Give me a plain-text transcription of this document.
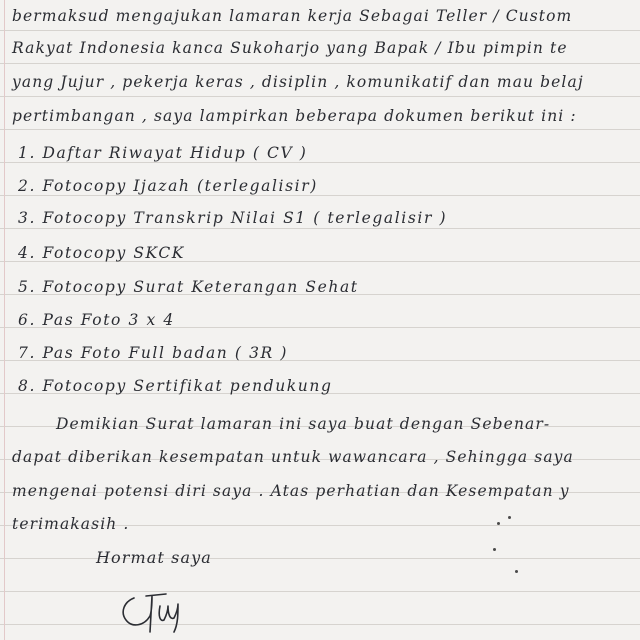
bermaksud mengajukan lamaran kerja Sebagai Teller / Custom
Rakyat Indonesia kanca Sukoharjo yang Bapak / Ibu pimpin te
yang Jujur , pekerja keras , disiplin , komunikatif dan mau belaj
pertimbangan , saya lampirkan beberapa dokumen berikut ini :
1. Daftar Riwayat Hidup ( CV )
2. Fotocopy Ijazah (terlegalisir)
3. Fotocopy Transkrip Nilai S1 ( terlegalisir )
4. Fotocopy SKCK
5. Fotocopy Surat Keterangan Sehat
6. Pas Foto 3 x 4
7. Pas Foto Full badan ( 3R )
8. Fotocopy Sertifikat pendukung
Demikian Surat lamaran ini saya buat dengan Sebenar-
dapat diberikan kesempatan untuk wawancara , Sehingga saya
mengenai potensi diri saya . Atas perhatian dan Kesempatan y
terimakasih .
Hormat saya
